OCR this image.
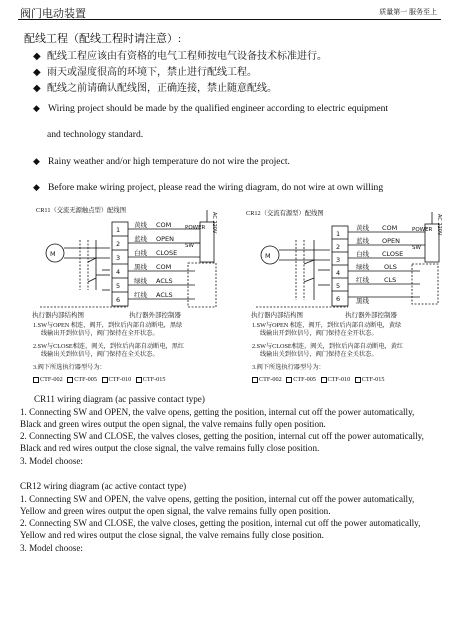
阀门电动装置	质量第一 服务至上
配线工程（配线工程时请注意）:
◆ 配线工程应该由有资格的电气工程师按电气设备技术标准进行。
◆ 雨天或湿度很高的环境下，禁止进行配线工程。
◆ 配线之前请确认配线图，正确连接，禁止随意配线。
◆ Wiring project should be made by the qualified engineer according to electric equipment
and technology standard.
◆ Rainy weather and/or high temperature do not wire the project.
◆ Before make wiring project, please read the wiring diagram, do not wire at own willing
CR11（交流无源触点型）配线图
M
1
2
3
4
5
6
黄线
蓝线
白线
黑线
绿线
红线
COM
OPEN
CLOSE
COM
ACLS
ACLS
POWER
SW
AC 220V
执行器内部结构图	执行器外部控制器
1.SW与OPEN 相连，阀开，到位后内部自动断电，黑绿
线输出开到位信号，阀门保持在全开状态。
2.SW与CLOSE相连，阀关，到位后内部自动断电，黑红
线输出关到位信号，阀门保持在全关状态。
3.阀下所选执行器型号为：
CTF-002 CTF-005 CTF-010 CTF-015
CR12（交流有源型）配线图
M
1
2
3
4
5
6
黄线
蓝线
白线
绿线
红线
黑线
COM
OPEN
CLOSE
OLS
CLS
POWER
SW
AC 220V
执行器内部结构图	执行器外部控制器
1.SW与OPEN 相连，阀开，到位后内部自动断电，黄绿
线输出开到位信号，阀门保持在全开状态。
2.SW与CLOSE相连，阀关，到位后内部自动断电，黄红
线输出关到位信号，阀门保持在全关状态。
3.阀下所选执行器型号为：
CTF-002 CTF-005 CTF-010 CTF-015
CR11 wiring diagram (ac passive contact type)
1. Connecting SW and OPEN, the valve opens, getting the position, internal cut off the power automatically,
Black and green wires output the open signal, the valve remains fully open position.
2. Connecting SW and CLOSE, the valves closes, getting the position, internal cut off the power automatically,
Black and red wires output the close signal, the valve remains fully close position.
3. Model choose:
CR12 wiring diagram (ac active contact type)
1. Connecting SW and OPEN, the valve opens, getting the position, internal cut off the power automatically,
Yellow and green wires output the open signal, the valve remains fully open position.
2. Connecting SW and CLOSE, the valve closes, getting the position, internal cut off the power automatically,
Yellow and red wires output the close signal, the valve remains fully close position.
3. Model choose:
